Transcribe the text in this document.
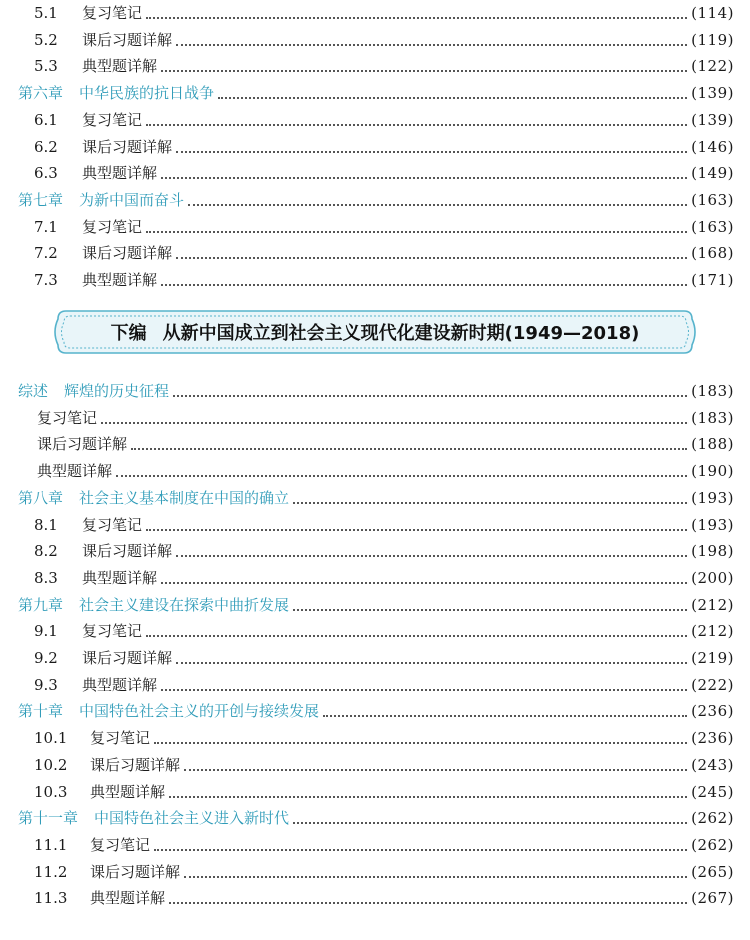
5.1 复习笔记	(114)
5.2 课后习题详解	(119)
5.3 典型题详解	(122)
第六章 中华民族的抗日战争	(139)
6.1 复习笔记	(139)
6.2 课后习题详解	(146)
6.3 典型题详解	(149)
第七章 为新中国而奋斗	(163)
7.1 复习笔记	(163)
7.2 课后习题详解	(168)
7.3 典型题详解	(171)
下编 从新中国成立到社会主义现代化建设新时期(1949—2018)
综述 辉煌的历史征程	(183)
复习笔记	(183)
课后习题详解	(188)
典型题详解	(190)
第八章 社会主义基本制度在中国的确立	(193)
8.1 复习笔记	(193)
8.2 课后习题详解	(198)
8.3 典型题详解	(200)
第九章 社会主义建设在探索中曲折发展	(212)
9.1 复习笔记	(212)
9.2 课后习题详解	(219)
9.3 典型题详解	(222)
第十章 中国特色社会主义的开创与接续发展	(236)
10.1 复习笔记	(236)
10.2 课后习题详解	(243)
10.3 典型题详解	(245)
第十一章 中国特色社会主义进入新时代	(262)
11.1 复习笔记	(262)
11.2 课后习题详解	(265)
11.3 典型题详解	(267)
